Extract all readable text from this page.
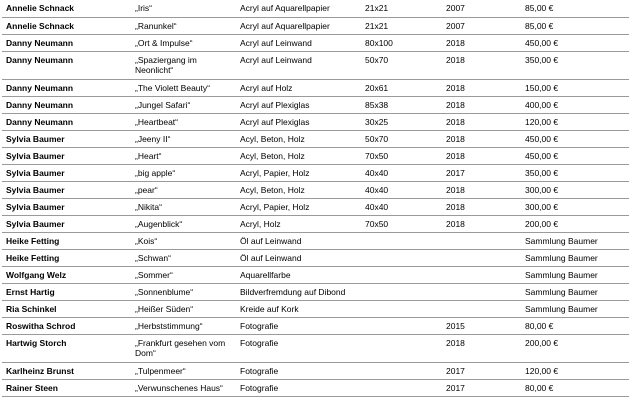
Annelie Schnack	„Iris“	Acryl auf Aquarellpapier	21x21	2007	85,00 €
Annelie Schnack	„Ranunkel“	Acryl auf Aquarellpapier	21x21	2007	85,00 €
Danny Neumann	„Ort & Impulse“	Acryl auf Leinwand	80x100	2018	450,00 €
Danny Neumann	„Spaziergang im Neonlicht“	Acryl auf Leinwand	50x70	2018	350,00 €
Danny Neumann	„The Violett Beauty“	Acryl auf Holz	20x61	2018	150,00 €
Danny Neumann	„Jungel Safari“	Acryl auf Plexiglas	85x38	2018	400,00 €
Danny Neumann	„Heartbeat“	Acryl auf Plexiglas	30x25	2018	120,00 €
Sylvia Baumer	„Jeeny II“	Acyl, Beton, Holz	50x70	2018	450,00 €
Sylvia Baumer	„Heart“	Acyl, Beton, Holz	70x50	2018	450,00 €
Sylvia Baumer	„big apple“	Acryl, Papier, Holz	40x40	2017	350,00 €
Sylvia Baumer	„pear“	Acyl, Beton, Holz	40x40	2018	300,00 €
Sylvia Baumer	„Nikita“	Acryl, Papier, Holz	40x40	2018	300,00 €
Sylvia Baumer	„Augenblick“	Acryl, Holz	70x50	2018	200,00 €
Heike Fetting	„Kois“	Öl auf Leinwand			Sammlung Baumer
Heike Fetting	„Schwan“	Öl auf Leinwand			Sammlung Baumer
Wolfgang Welz	„Sommer“	Aquarellfarbe			Sammlung Baumer
Ernst Hartig	„Sonnenblume“	Bildverfremdung auf Dibond			Sammlung Baumer
Ria Schinkel	„Heißer Süden“	Kreide auf Kork			Sammlung Baumer
Roswitha Schrod	„Herbststimmung“	Fotografie		2015	80,00 €
Hartwig Storch	„Frankfurt gesehen vom Dom“	Fotografie		2018	200,00 €
Karlheinz Brunst	„Tulpenmeer“	Fotografie		2017	120,00 €
Rainer Steen	„Verwunschenes Haus“	Fotografie		2017	80,00 €
